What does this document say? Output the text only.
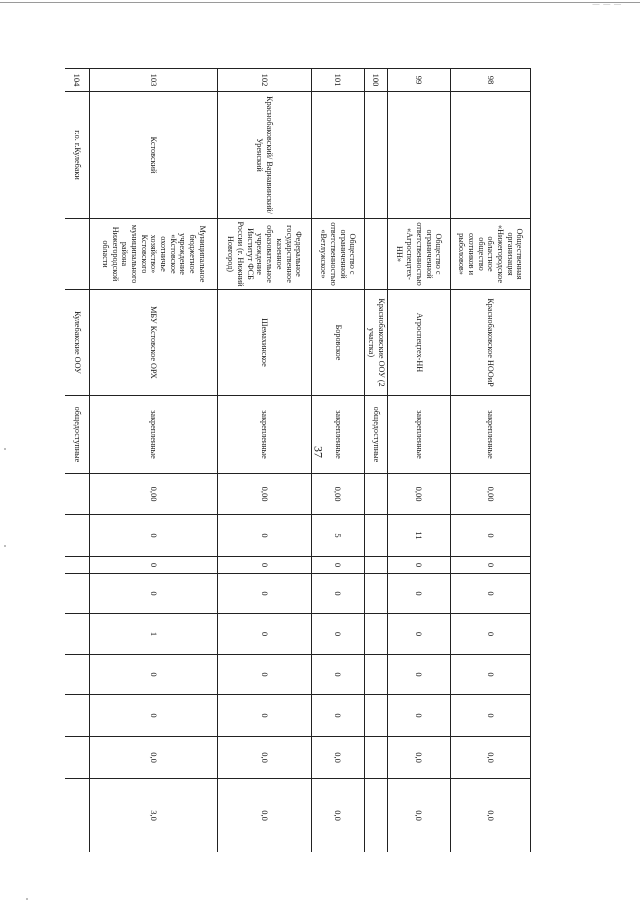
— — —
37
98		Общественная организация «Нижегородское областное общество охотников и рыболовов»	Краснобаковское НООиР	закрепленные	0,00	0	0	0	0	0	0	0,0	0,0
99		Общество с ограниченной ответственностью «Агроспецтех-НН»	Агроспецтех-НН	закрепленные	0,00	11	0	0	0	0	0	0,0	0,0
100			Краснобаковские ООУ (2 участка)	общедоступные									
101		Общество с ограниченной ответственностью «Ветлужское»	Боровское	закрепленные	0,00	5	0	0	0	0	0	0,0	0,0
102	Краснобаковский/ Варнавинский/ Уренский	Федеральное государственное казенное образовательное учреждение Институт ФСБ России (г. Нижний Новгород)	Шемахинское	закрепленные	0,00	0	0	0	0	0	0	0,0	0,0
103	Кстовский	Муниципальное бюджетное учреждение «Кстовское охотничье хозяйство» Кстовского муниципального района Нижегородской области	МБУ Кстовское ОРХ	закрепленные	0,00	0	0	0	1	0	0	0,0	3,0
104	г.о. г.Кулебаки		Кулебакские ООУ	общедоступные									
